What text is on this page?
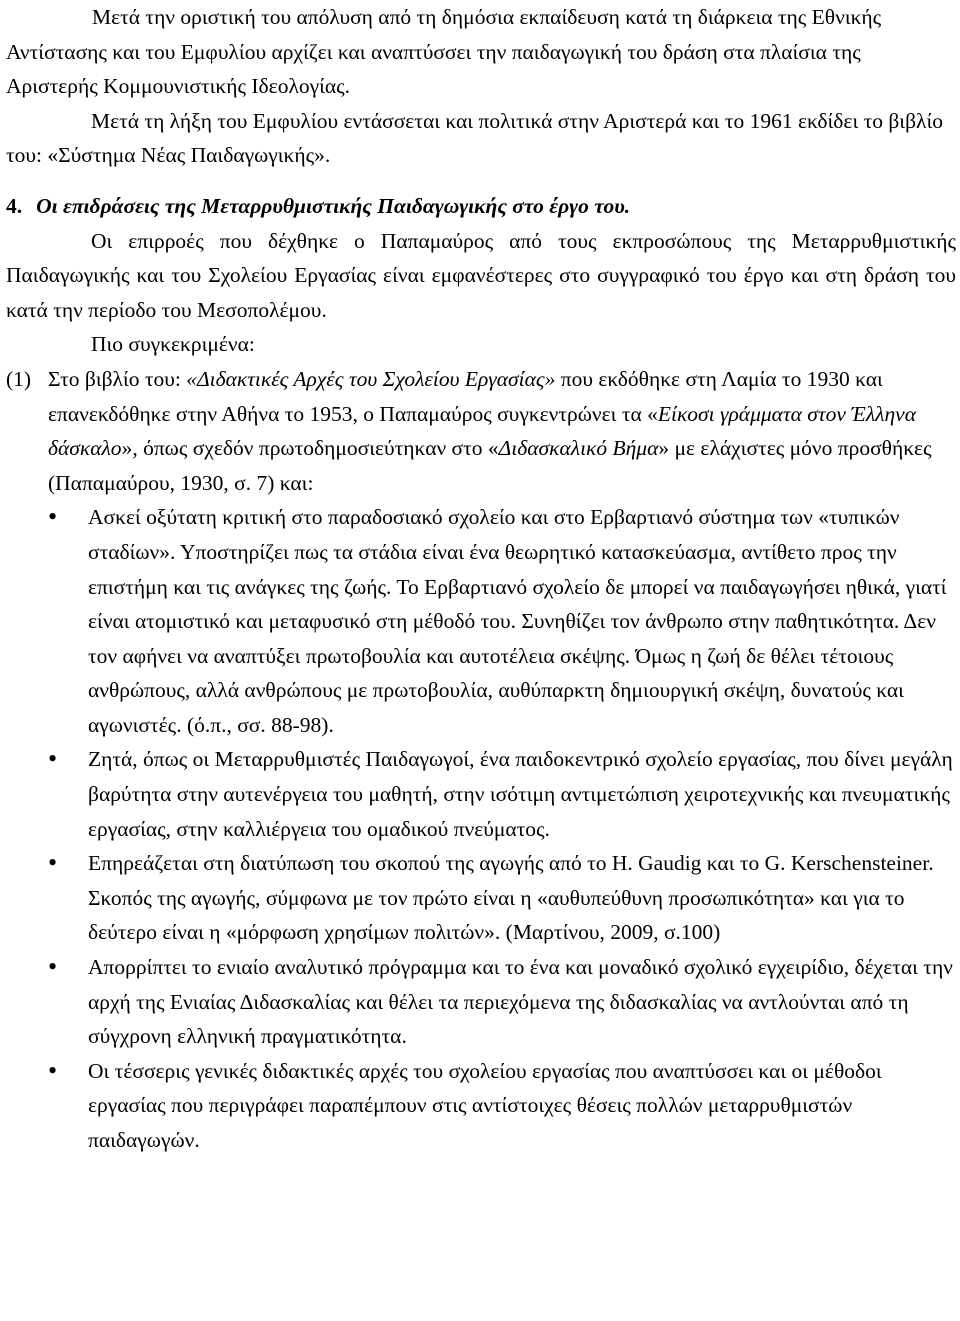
Μετά την οριστική του απόλυση από τη δημόσια εκπαίδευση κατά τη διάρκεια της Εθνικής Αντίστασης και του Εμφυλίου αρχίζει και αναπτύσσει την παιδαγωγική του δράση στα πλαίσια της Αριστερής Κομμουνιστικής Ιδεολογίας.

Μετά τη λήξη του Εμφυλίου εντάσσεται και πολιτικά στην Αριστερά και το 1961 εκδίδει το βιβλίο του: «Σύστημα Νέας Παιδαγωγικής».

4. Οι επιδράσεις της Μεταρρυθμιστικής Παιδαγωγικής στο έργο του.

Οι επιρροές που δέχθηκε ο Παπαμαύρος από τους εκπροσώπους της Μεταρρυθμιστικής Παιδαγωγικής και του Σχολείου Εργασίας είναι εμφανέστερες στο συγγραφικό του έργο και στη δράση του κατά την περίοδο του Μεσοπολέμου.

Πιο συγκεκριμένα:

(1) Στο βιβλίο του: «Διδακτικές Αρχές του Σχολείου Εργασίας» που εκδόθηκε στη Λαμία το 1930 και επανεκδόθηκε στην Αθήνα το 1953, ο Παπαμαύρος συγκεντρώνει τα «Είκοσι γράμματα στον Έλληνα δάσκαλο», όπως σχεδόν πρωτοδημοσιεύτηκαν στο «Διδασκαλικό Βήμα» με ελάχιστες μόνο προσθήκες (Παπαμαύρου, 1930, σ. 7) και:

• Ασκεί οξύτατη κριτική στο παραδοσιακό σχολείο και στο Ερβαρτιανό σύστημα των «τυπικών σταδίων». Υποστηρίζει πως τα στάδια είναι ένα θεωρητικό κατασκεύασμα, αντίθετο προς την επιστήμη και τις ανάγκες της ζωής. Το Ερβαρτιανό σχολείο δε μπορεί να παιδαγωγήσει ηθικά, γιατί είναι ατομιστικό και μεταφυσικό στη μέθοδό του. Συνηθίζει τον άνθρωπο στην παθητικότητα. Δεν τον αφήνει να αναπτύξει πρωτοβουλία και αυτοτέλεια σκέψης. Όμως η ζωή δε θέλει τέτοιους ανθρώπους, αλλά ανθρώπους με πρωτοβουλία, αυθύπαρκτη δημιουργική σκέψη, δυνατούς και αγωνιστές. (ό.π., σσ. 88-98).
• Ζητά, όπως οι Μεταρρυθμιστές Παιδαγωγοί, ένα παιδοκεντρικό σχολείο εργασίας, που δίνει μεγάλη βαρύτητα στην αυτενέργεια του μαθητή, στην ισότιμη αντιμετώπιση χειροτεχνικής και πνευματικής εργασίας, στην καλλιέργεια του ομαδικού πνεύματος.
• Επηρεάζεται στη διατύπωση του σκοπού της αγωγής από το H. Gaudig και το G. Kerschensteiner. Σκοπός της αγωγής, σύμφωνα με τον πρώτο είναι η «αυθυπεύθυνη προσωπικότητα» και για το δεύτερο είναι η «μόρφωση χρησίμων πολιτών». (Μαρτίνου, 2009, σ.100)
• Απορρίπτει το ενιαίο αναλυτικό πρόγραμμα και το ένα και μοναδικό σχολικό εγχειρίδιο, δέχεται την αρχή της Ενιαίας Διδασκαλίας και θέλει τα περιεχόμενα της διδασκαλίας να αντλούνται από τη σύγχρονη ελληνική πραγματικότητα.
• Οι τέσσερις γενικές διδακτικές αρχές του σχολείου εργασίας που αναπτύσσει και οι μέθοδοι εργασίας που περιγράφει παραπέμπουν στις αντίστοιχες θέσεις πολλών μεταρρυθμιστών παιδαγωγών.
